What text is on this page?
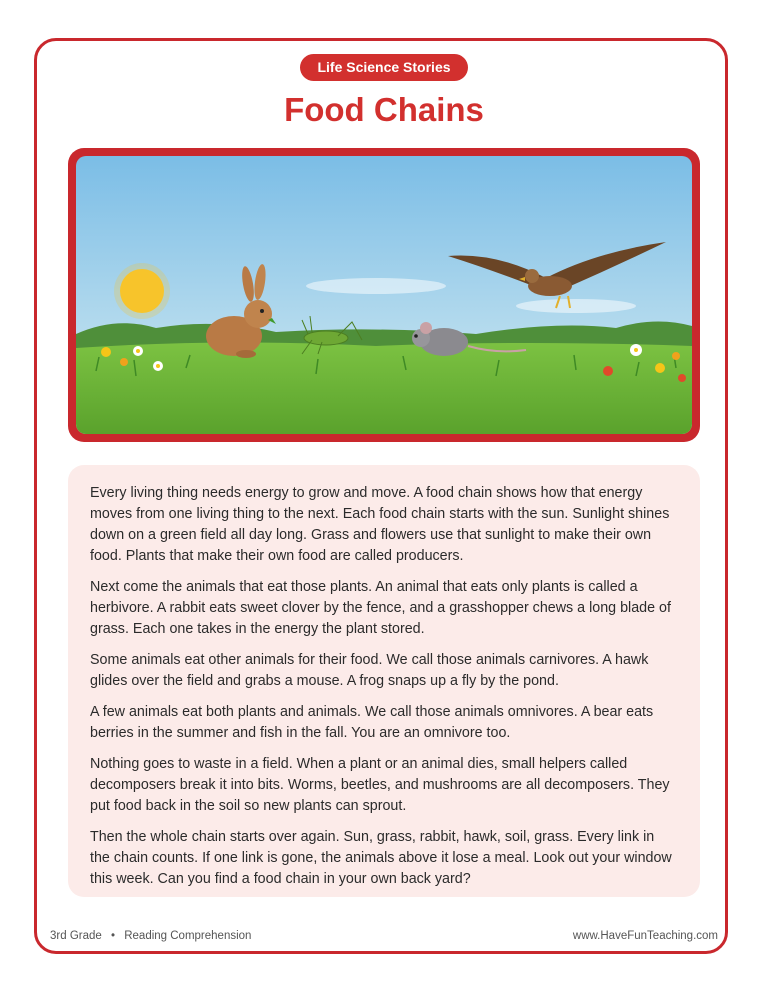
Life Science Stories
Food Chains

Every living thing needs energy to grow and move. A food chain shows how that energy moves from one living thing to the next. Each food chain starts with the sun. Sunlight shines down on a green field all day long. Grass and flowers use that sunlight to make their own food. Plants that make their own food are called producers.

Next come the animals that eat those plants. An animal that eats only plants is called a herbivore. A rabbit eats sweet clover by the fence, and a grasshopper chews a long blade of grass. Each one takes in the energy the plant stored.

Some animals eat other animals for their food. We call those animals carnivores. A hawk glides over the field and grabs a mouse. A frog snaps up a fly by the pond.

A few animals eat both plants and animals. We call those animals omnivores. A bear eats berries in the summer and fish in the fall. You are an omnivore too.

Nothing goes to waste in a field. When a plant or an animal dies, small helpers called decomposers break it into bits. Worms, beetles, and mushrooms are all decomposers. They put food back in the soil so new plants can sprout.

Then the whole chain starts over again. Sun, grass, rabbit, hawk, soil, grass. Every link in the chain counts. If one link is gone, the animals above it lose a meal. Look out your window this week. Can you find a food chain in your own back yard?

3rd Grade • Reading Comprehension	www.HaveFunTeaching.com
